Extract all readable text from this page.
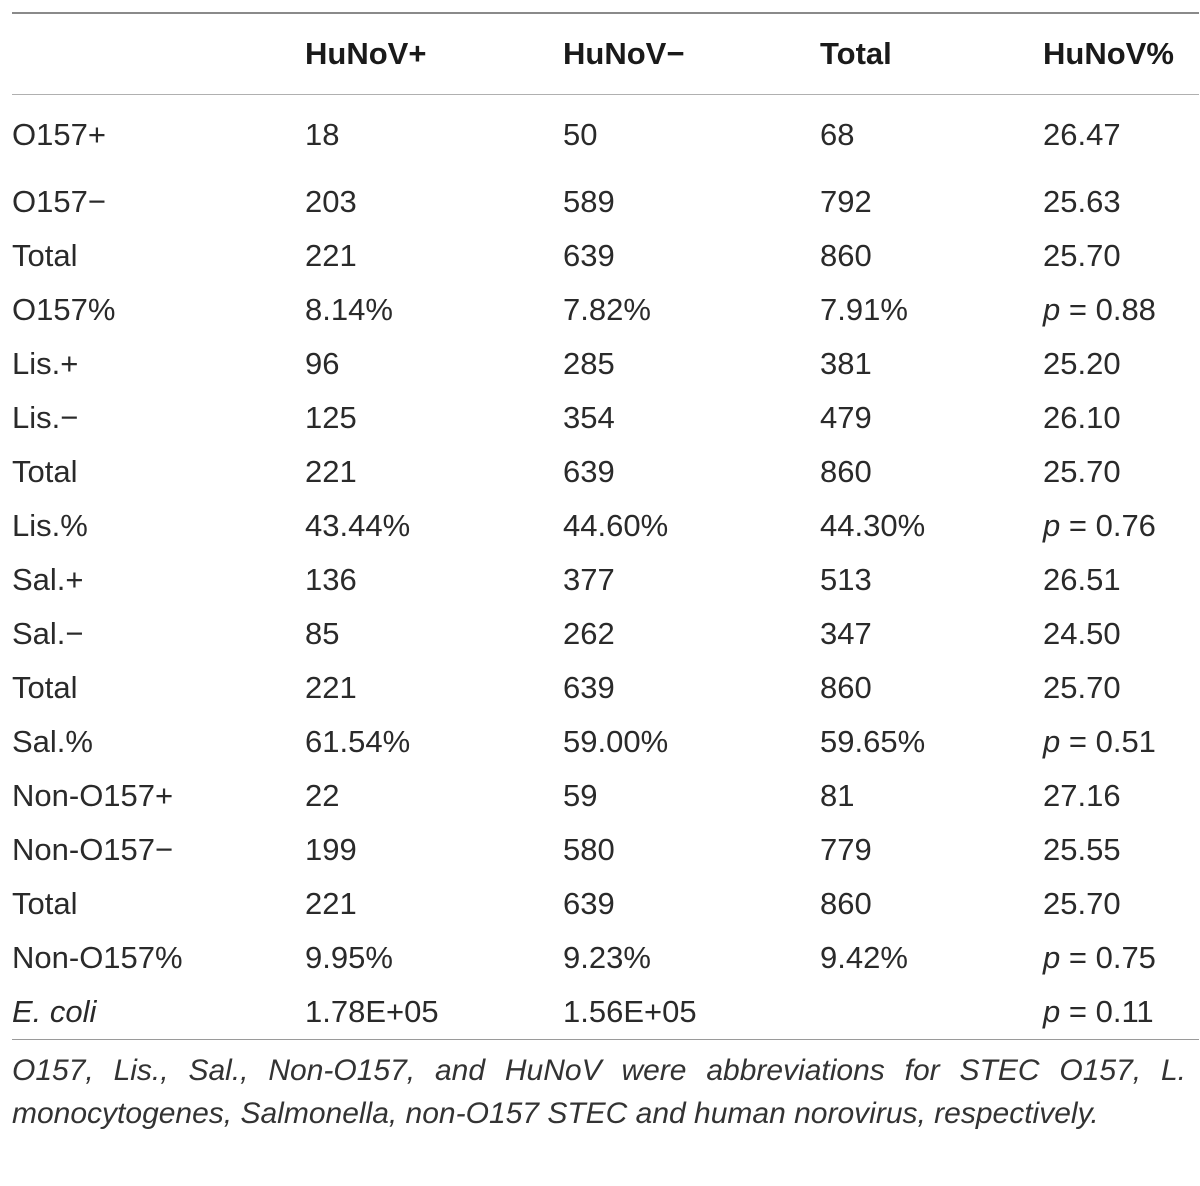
	HuNoV+	HuNoV−	Total	HuNoV%
O157+	18	50	68	26.47
O157−	203	589	792	25.63
Total	221	639	860	25.70
O157%	8.14%	7.82%	7.91%	p = 0.88
Lis.+	96	285	381	25.20
Lis.−	125	354	479	26.10
Total	221	639	860	25.70
Lis.%	43.44%	44.60%	44.30%	p = 0.76
Sal.+	136	377	513	26.51
Sal.−	85	262	347	24.50
Total	221	639	860	25.70
Sal.%	61.54%	59.00%	59.65%	p = 0.51
Non-O157+	22	59	81	27.16
Non-O157−	199	580	779	25.55
Total	221	639	860	25.70
Non-O157%	9.95%	9.23%	9.42%	p = 0.75
E. coli	1.78E+05	1.56E+05		p = 0.11
O157, Lis., Sal., Non-O157, and HuNoV were abbreviations for STEC O157, L. monocytogenes, Salmonella, non-O157 STEC and human norovirus, respectively.
